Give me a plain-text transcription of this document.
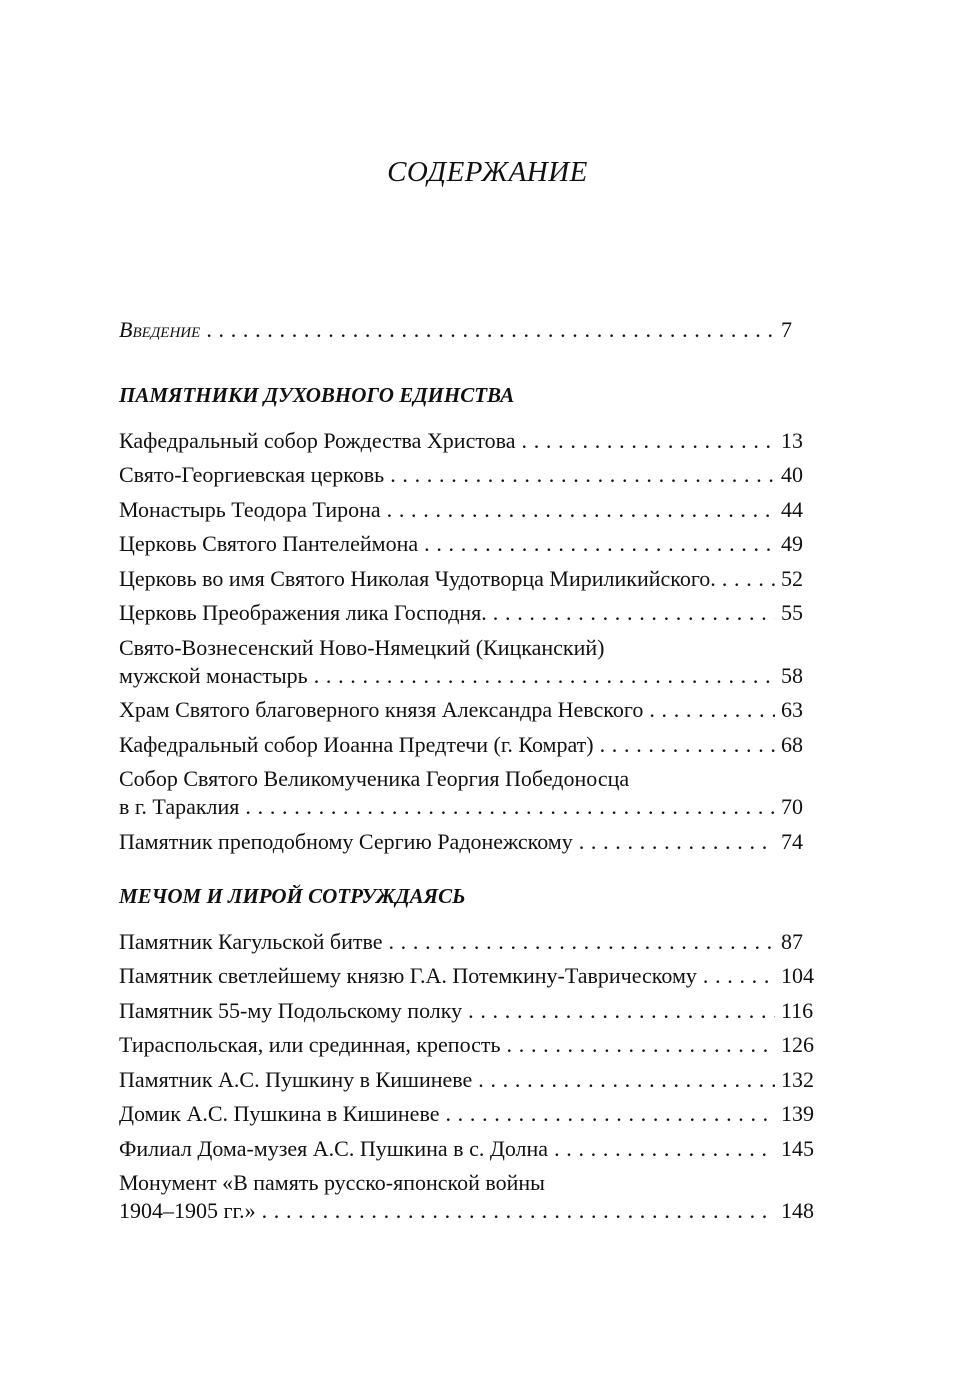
СОДЕРЖАНИЕ
Введение . . .	7
ПАМЯТНИКИ ДУХОВНОГО ЕДИНСТВА
Кафедральный собор Рождества Христова . . .	13
Свято-Георгиевская церковь . . .	40
Монастырь Теодора Тирона . . .	44
Церковь Святого Пантелеймона . . .	49
Церковь во имя Святого Николая Чудотворца Мириликийского. . . .	52
Церковь Преображения лика Господня. . . .	55
Свято-Вознесенский Ново-Нямецкий (Кицканский)
мужской монастырь . . .	58
Храм Святого благоверного князя Александра Невского . . .	63
Кафедральный собор Иоанна Предтечи (г. Комрат) . . .	68
Собор Святого Великомученика Георгия Победоносца
в г. Тараклия . . .	70
Памятник преподобному Сергию Радонежскому . . .	74
МЕЧОМ И ЛИРОЙ СОТРУЖДАЯСЬ
Памятник Кагульской битве . . .	87
Памятник светлейшему князю Г.А. Потемкину-Таврическому . . .	104
Памятник 55-му Подольскому полку . . .	116
Тираспольская, или срединная, крепость . . .	126
Памятник А.С. Пушкину в Кишиневе . . .	132
Домик А.С. Пушкина в Кишиневе . . .	139
Филиал Дома-музея А.С. Пушкина в с. Долна . . .	145
Монумент «В память русско-японской войны
1904–1905 гг.» . . .	148
